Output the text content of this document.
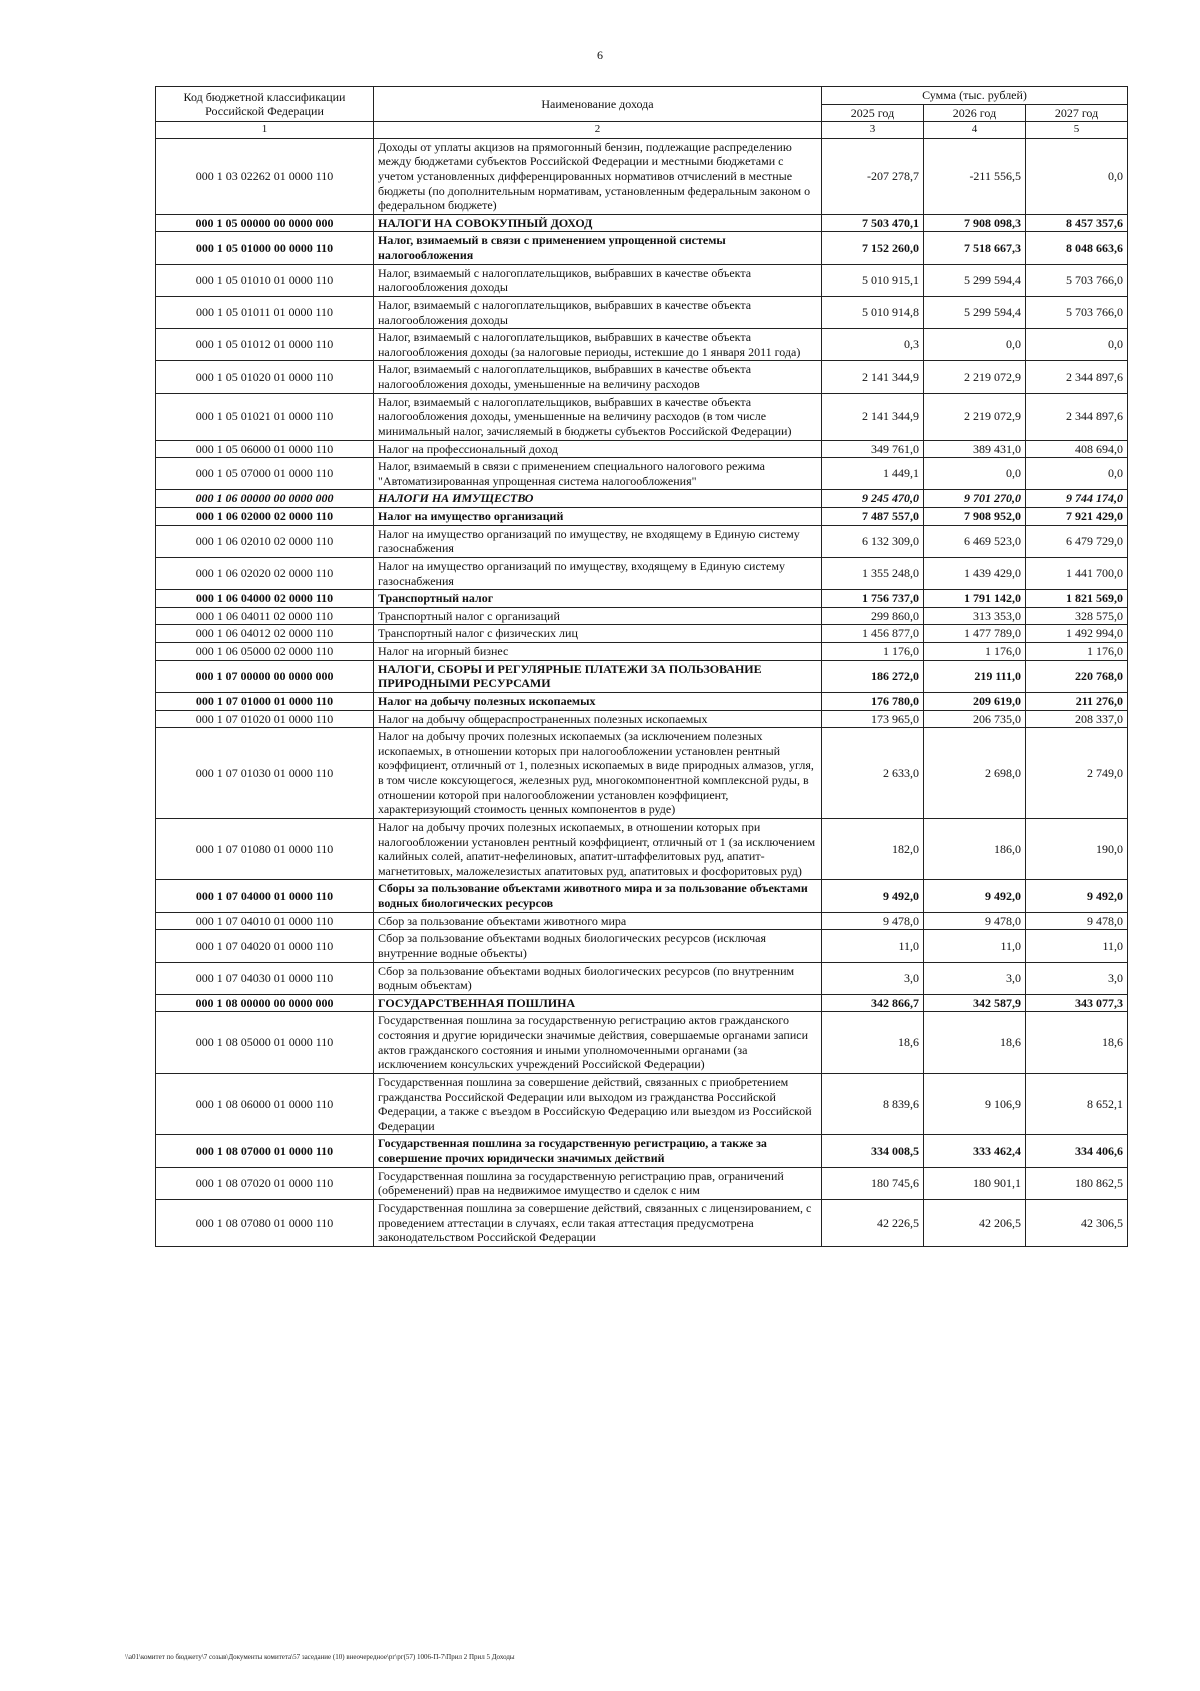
6
Код бюджетной классификации Российской Федерации	Наименование дохода	Сумма (тыс. рублей)		
		2025 год	2026 год	2027 год
1	2	3	4	5
000 1 03 02262 01 0000 110	Доходы от уплаты акцизов на прямогонный бензин, подлежащие распределению между бюджетами субъектов Российской Федерации и местными бюджетами с учетом установленных дифференцированных нормативов отчислений в местные бюджеты (по дополнительным нормативам, установленным федеральным законом о федеральном бюджете)	-207 278,7	-211 556,5	0,0
000 1 05 00000 00 0000 000	НАЛОГИ НА СОВОКУПНЫЙ ДОХОД	7 503 470,1	7 908 098,3	8 457 357,6
000 1 05 01000 00 0000 110	Налог, взимаемый в связи с применением упрощенной системы налогообложения	7 152 260,0	7 518 667,3	8 048 663,6
000 1 05 01010 01 0000 110	Налог, взимаемый с налогоплательщиков, выбравших в качестве объекта налогообложения доходы	5 010 915,1	5 299 594,4	5 703 766,0
000 1 05 01011 01 0000 110	Налог, взимаемый с налогоплательщиков, выбравших в качестве объекта налогообложения доходы	5 010 914,8	5 299 594,4	5 703 766,0
000 1 05 01012 01 0000 110	Налог, взимаемый с налогоплательщиков, выбравших в качестве объекта налогообложения доходы (за налоговые периоды, истекшие до 1 января 2011 года)	0,3	0,0	0,0
000 1 05 01020 01 0000 110	Налог, взимаемый с налогоплательщиков, выбравших в качестве объекта налогообложения доходы, уменьшенные на величину расходов	2 141 344,9	2 219 072,9	2 344 897,6
000 1 05 01021 01 0000 110	Налог, взимаемый с налогоплательщиков, выбравших в качестве объекта налогообложения доходы, уменьшенные на величину расходов (в том числе минимальный налог, зачисляемый в бюджеты субъектов Российской Федерации)	2 141 344,9	2 219 072,9	2 344 897,6
000 1 05 06000 01 0000 110	Налог на профессиональный доход	349 761,0	389 431,0	408 694,0
000 1 05 07000 01 0000 110	Налог, взимаемый в связи с применением специального налогового режима "Автоматизированная упрощенная система налогообложения"	1 449,1	0,0	0,0
000 1 06 00000 00 0000 000	НАЛОГИ НА ИМУЩЕСТВО	9 245 470,0	9 701 270,0	9 744 174,0
000 1 06 02000 02 0000 110	Налог на имущество организаций	7 487 557,0	7 908 952,0	7 921 429,0
000 1 06 02010 02 0000 110	Налог на имущество организаций по имуществу, не входящему в Единую систему газоснабжения	6 132 309,0	6 469 523,0	6 479 729,0
000 1 06 02020 02 0000 110	Налог на имущество организаций по имуществу, входящему в Единую систему газоснабжения	1 355 248,0	1 439 429,0	1 441 700,0
000 1 06 04000 02 0000 110	Транспортный налог	1 756 737,0	1 791 142,0	1 821 569,0
000 1 06 04011 02 0000 110	Транспортный налог с организаций	299 860,0	313 353,0	328 575,0
000 1 06 04012 02 0000 110	Транспортный налог с физических лиц	1 456 877,0	1 477 789,0	1 492 994,0
000 1 06 05000 02 0000 110	Налог на игорный бизнес	1 176,0	1 176,0	1 176,0
000 1 07 00000 00 0000 000	НАЛОГИ, СБОРЫ И РЕГУЛЯРНЫЕ ПЛАТЕЖИ ЗА ПОЛЬЗОВАНИЕ ПРИРОДНЫМИ РЕСУРСАМИ	186 272,0	219 111,0	220 768,0
000 1 07 01000 01 0000 110	Налог на добычу полезных ископаемых	176 780,0	209 619,0	211 276,0
000 1 07 01020 01 0000 110	Налог на добычу общераспространенных полезных ископаемых	173 965,0	206 735,0	208 337,0
000 1 07 01030 01 0000 110	Налог на добычу прочих полезных ископаемых (за исключением полезных ископаемых, в отношении которых при налогообложении установлен рентный коэффициент, отличный от 1, полезных ископаемых в виде природных алмазов, угля, в том числе коксующегося, железных руд, многокомпонентной комплексной руды, в отношении которой при налогообложении установлен коэффициент, характеризующий стоимость ценных компонентов в руде)	2 633,0	2 698,0	2 749,0
000 1 07 01080 01 0000 110	Налог на добычу прочих полезных ископаемых, в отношении которых при налогообложении установлен рентный коэффициент, отличный от 1 (за исключением калийных солей, апатит-нефелиновых, апатит-штаффелитовых руд, апатит-магнетитовых, маложелезистых апатитовых руд, апатитовых и фосфоритовых руд)	182,0	186,0	190,0
000 1 07 04000 01 0000 110	Сборы за пользование объектами животного мира и за пользование объектами водных биологических ресурсов	9 492,0	9 492,0	9 492,0
000 1 07 04010 01 0000 110	Сбор за пользование объектами животного мира	9 478,0	9 478,0	9 478,0
000 1 07 04020 01 0000 110	Сбор за пользование объектами водных биологических ресурсов (исключая внутренние водные объекты)	11,0	11,0	11,0
000 1 07 04030 01 0000 110	Сбор за пользование объектами водных биологических ресурсов (по внутренним водным объектам)	3,0	3,0	3,0
000 1 08 00000 00 0000 000	ГОСУДАРСТВЕННАЯ ПОШЛИНА	342 866,7	342 587,9	343 077,3
000 1 08 05000 01 0000 110	Государственная пошлина за государственную регистрацию актов гражданского состояния и другие юридически значимые действия, совершаемые органами записи актов гражданского состояния и иными уполномоченными органами (за исключением консульских учреждений Российской Федерации)	18,6	18,6	18,6
000 1 08 06000 01 0000 110	Государственная пошлина за совершение действий, связанных с приобретением гражданства Российской Федерации или выходом из гражданства Российской Федерации, а также с въездом в Российскую Федерацию или выездом из Российской Федерации	8 839,6	9 106,9	8 652,1
000 1 08 07000 01 0000 110	Государственная пошлина за государственную регистрацию, а также за совершение прочих юридически значимых действий	334 008,5	333 462,4	334 406,6
000 1 08 07020 01 0000 110	Государственная пошлина за государственную регистрацию прав, ограничений (обременений) прав на недвижимое имущество и сделок с ним	180 745,6	180 901,1	180 862,5
000 1 08 07080 01 0000 110	Государственная пошлина за совершение действий, связанных с лицензированием, с проведением аттестации в случаях, если такая аттестация предусмотрена законодательством Российской Федерации	42 226,5	42 206,5	42 306,5
\\a01\комитет по бюджету\7 созыв\Документы комитета\57 заседание (10) внеочередное\рг\рг(57) 1006-П-7\Прил 2 Прил 5 Доходы
